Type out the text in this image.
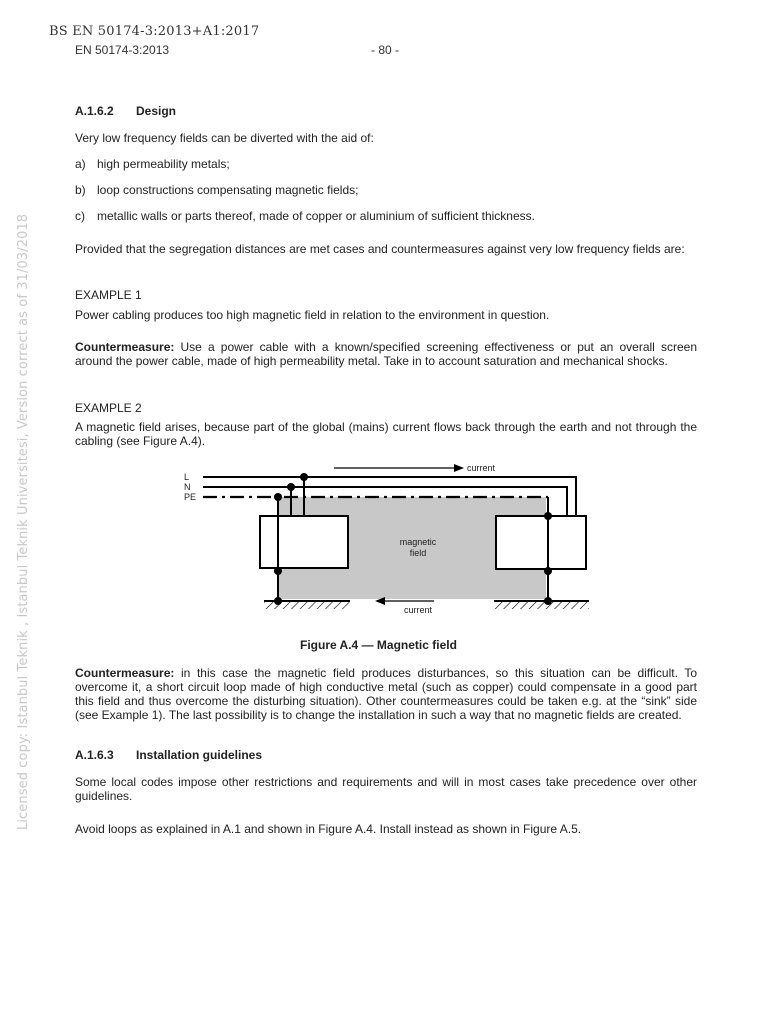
BS EN 50174-3:2013+A1:2017
EN 50174-3:2013	- 80 -
Licensed copy: Istanbul Teknik , Istanbul Teknik Universitesi, Version correct as of 31/03/2018
A.1.6.2 Design
Very low frequency fields can be diverted with the aid of:
a) high permeability metals;
b) loop constructions compensating magnetic fields;
c) metallic walls or parts thereof, made of copper or aluminium of sufficient thickness.
Provided that the segregation distances are met cases and countermeasures against very low frequency fields are:
EXAMPLE 1
Power cabling produces too high magnetic field in relation to the environment in question.
Countermeasure: Use a power cable with a known/specified screening effectiveness or put an overall screen around the power cable, made of high permeability metal. Take in to account saturation and mechanical shocks.
EXAMPLE 2
A magnetic field arises, because part of the global (mains) current flows back through the earth and not through the cabling (see Figure A.4).
L
N
PE
current
current
magnetic
field
Figure A.4 — Magnetic field
Countermeasure: in this case the magnetic field produces disturbances, so this situation can be difficult. To overcome it, a short circuit loop made of high conductive metal (such as copper) could compensate in a good part this field and thus overcome the disturbing situation). Other countermeasures could be taken e.g. at the “sink” side (see Example 1). The last possibility is to change the installation in such a way that no magnetic fields are created.
A.1.6.3 Installation guidelines
Some local codes impose other restrictions and requirements and will in most cases take precedence over other guidelines.
Avoid loops as explained in A.1 and shown in Figure A.4. Install instead as shown in Figure A.5.
